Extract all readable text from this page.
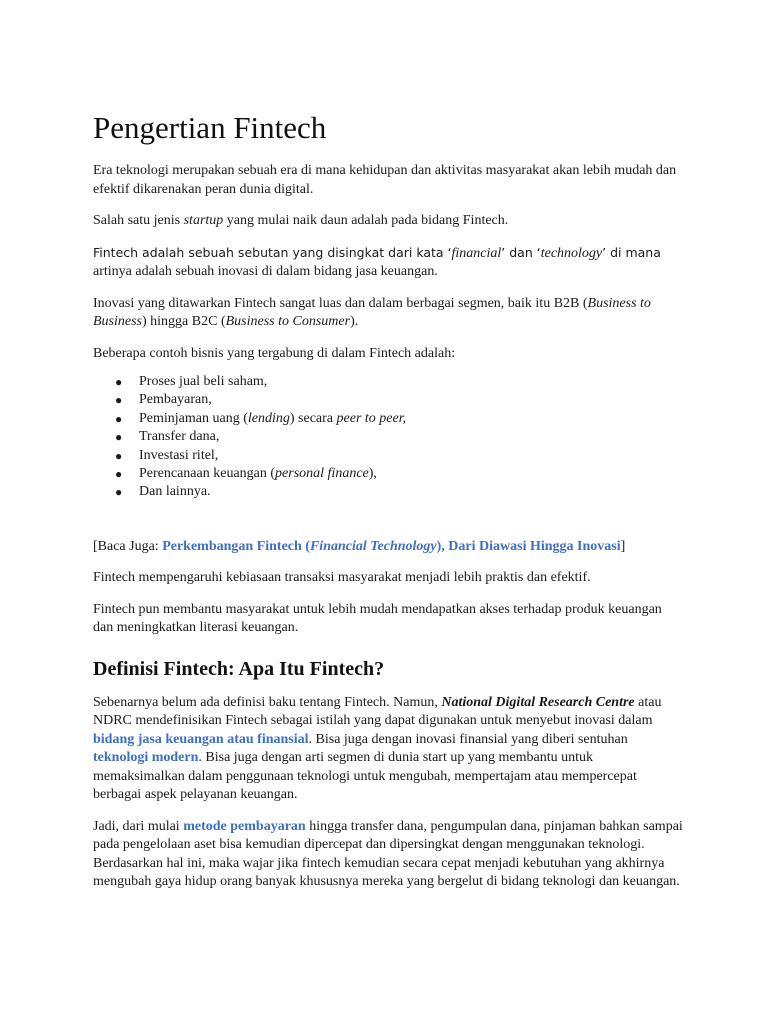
Pengertian Fintech

Era teknologi merupakan sebuah era di mana kehidupan dan aktivitas masyarakat akan lebih mudah dan efektif dikarenakan peran dunia digital.

Salah satu jenis startup yang mulai naik daun adalah pada bidang Fintech.

Fintech adalah sebuah sebutan yang disingkat dari kata ‘financial’ dan ‘technology’ di mana
artinya adalah sebuah inovasi di dalam bidang jasa keuangan.

Inovasi yang ditawarkan Fintech sangat luas dan dalam berbagai segmen, baik itu B2B (Business to Business) hingga B2C (Business to Consumer).

Beberapa contoh bisnis yang tergabung di dalam Fintech adalah:

● Proses jual beli saham,
● Pembayaran,
● Peminjaman uang (lending) secara peer to peer,
● Transfer dana,
● Investasi ritel,
● Perencanaan keuangan (personal finance),
● Dan lainnya.

[Baca Juga: Perkembangan Fintech (Financial Technology), Dari Diawasi Hingga Inovasi]

Fintech mempengaruhi kebiasaan transaksi masyarakat menjadi lebih praktis dan efektif.

Fintech pun membantu masyarakat untuk lebih mudah mendapatkan akses terhadap produk keuangan dan meningkatkan literasi keuangan.

Definisi Fintech: Apa Itu Fintech?

Sebenarnya belum ada definisi baku tentang Fintech. Namun, National Digital Research Centre atau NDRC mendefinisikan Fintech sebagai istilah yang dapat digunakan untuk menyebut inovasi dalam bidang jasa keuangan atau finansial. Bisa juga dengan inovasi finansial yang diberi sentuhan teknologi modern. Bisa juga dengan arti segmen di dunia start up yang membantu untuk memaksimalkan dalam penggunaan teknologi untuk mengubah, mempertajam atau mempercepat berbagai aspek pelayanan keuangan.

Jadi, dari mulai metode pembayaran hingga transfer dana, pengumpulan dana, pinjaman bahkan sampai pada pengelolaan aset bisa kemudian dipercepat dan dipersingkat dengan menggunakan teknologi. Berdasarkan hal ini, maka wajar jika fintech kemudian secara cepat menjadi kebutuhan yang akhirnya mengubah gaya hidup orang banyak khususnya mereka yang bergelut di bidang teknologi dan keuangan.
